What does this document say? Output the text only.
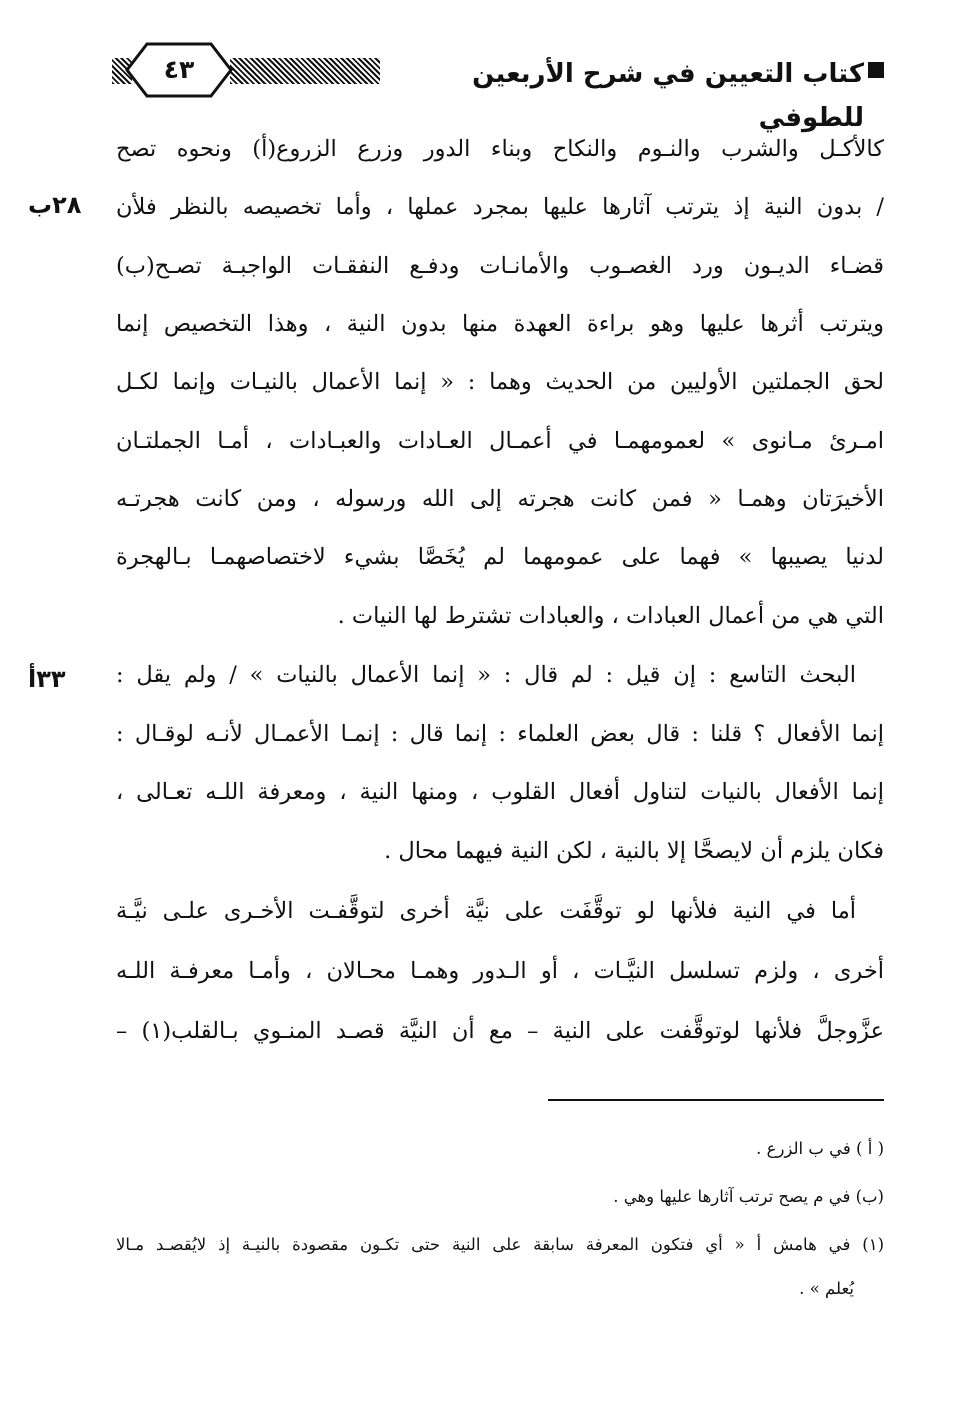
كتاب التعيين في شرح الأربعين للطوفي
٤٣
٢٨ب
٣٣أ
كالأكـل والشرب والنـوم والنكاح وبناء الدور وزرع الزروع(أ) ونحوه تصح
/ بدون النية إذ يترتب آثارها عليها بمجرد عملها ، وأما تخصيصه بالنظر فلأن
قضـاء الديـون ورد الغصـوب والأمانـات ودفـع النفقـات الواجبـة تصـح(ب)
ويترتب أثرها عليها وهو براءة العهدة منها بدون النية ، وهذا التخصيص إنما
لحق الجملتين الأوليين من الحديث وهما : « إنما الأعمال بالنيـات وإنما لكـل
امـرئ مـانوى » لعمومهمـا في أعمـال العـادات والعبـادات ، أمـا الجملتـان
الأخيرَتان وهمـا « فمن كانت هجرته إلى الله ورسوله ، ومن كانت هجرتـه
لدنيا يصيبها » فهما على عمومهما لم يُخَصَّا بشيء لاختصاصهمـا بـالهجرة
التي هي من أعمال العبادات ، والعبادات تشترط لها النيات .
البحث التاسع : إن قيل : لم قال : « إنما الأعمال بالنيات » / ولم يقل :
إنما الأفعال ؟ قلنا : قال بعض العلماء : إنما قال : إنمـا الأعمـال لأنـه لوقـال :
إنما الأفعال بالنيات لتناول أفعال القلوب ، ومنها النية ، ومعرفة اللـه تعـالى ،
فكان يلزم أن لايصحَّا إلا بالنية ، لكن النية فيهما محال .
أما في النية فلأنها لو توقَّفَت على نيَّة أخرى لتوقَّفـت الأخـرى علـى نيَّـة
أخرى ، ولزم تسلسل النيَّـات ، أو الـدور وهمـا محـالان ، وأمـا معرفـة اللـه
عزَّوجلَّ فلأنها لوتوقَّفت على النية – مع أن النيَّة قصـد المنـوي بـالقلب(١) –
( أ ) في ب الزرع .
(ب) في م يصح ترتب آثارها عليها وهي .
(١) في هامش أ « أي فتكون المعرفة سابقة على النية حتى تكـون مقصودة بالنيـة إذ لايُقصـد مـالا
يُعلم » .
